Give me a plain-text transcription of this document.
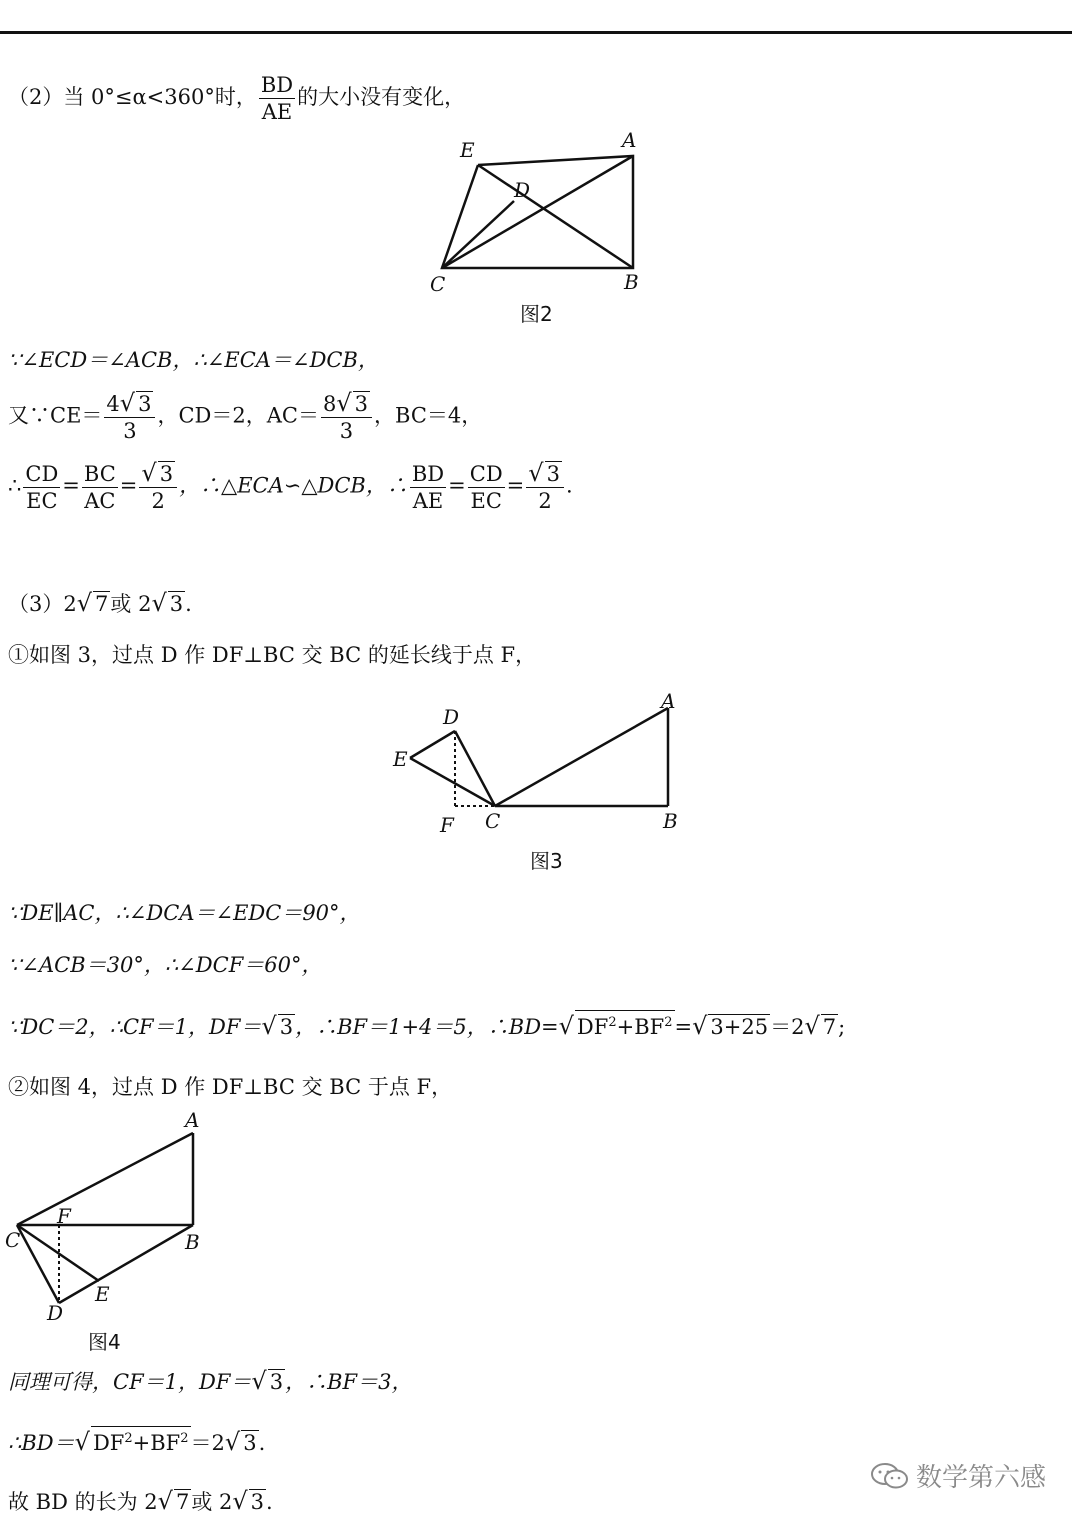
（2）当 0°≤α<360°时， $\frac{BD}{AE}$ 的大小没有变化，
E	A
D
C	B
图2
∵∠ECD＝∠ACB，∴∠ECA＝∠DCB，
又∵CE＝ $\frac{4√ 3}{3}$ ，CD＝2，$AC= \frac{8√ 3}{3}$ ，BC＝4，
∴ $\frac{CD}{EC} = \frac{BC}{AC} = \frac{√ 3}{2}$ ，∴△ECA∽△DCB，∴ $\frac{BD}{AE} = \frac{CD}{EC} = \frac{√ 3}{2}$ .
（3）2√ 7或 2√ 3.
①如图 3，过点 D 作 DF⊥BC 交 BC 的延长线于点 F，
D
A
E
F C	B
图3
∵DE∥AC，∴∠DCA＝∠EDC＝90°，
∵∠ACB＝30°，∴∠DCF＝60°，
∵DC＝2，∴CF＝1，DF＝√ 3，∴BF＝1+4＝5，∴BD=√ $DF^2+BF^2=√$ 3+25＝2√ 7;
②如图 4，过点 D 作 DF⊥BC 交 BC 于点 F，
A
F
C	B
E
D
图4
同理可得，CF＝1，DF＝√ 3，∴BF＝3，
∴BD＝√ $DF^2+BF^2=2√$ 3.
故 BD 的长为 2√ 7或 2√ 3.
数学第六感
